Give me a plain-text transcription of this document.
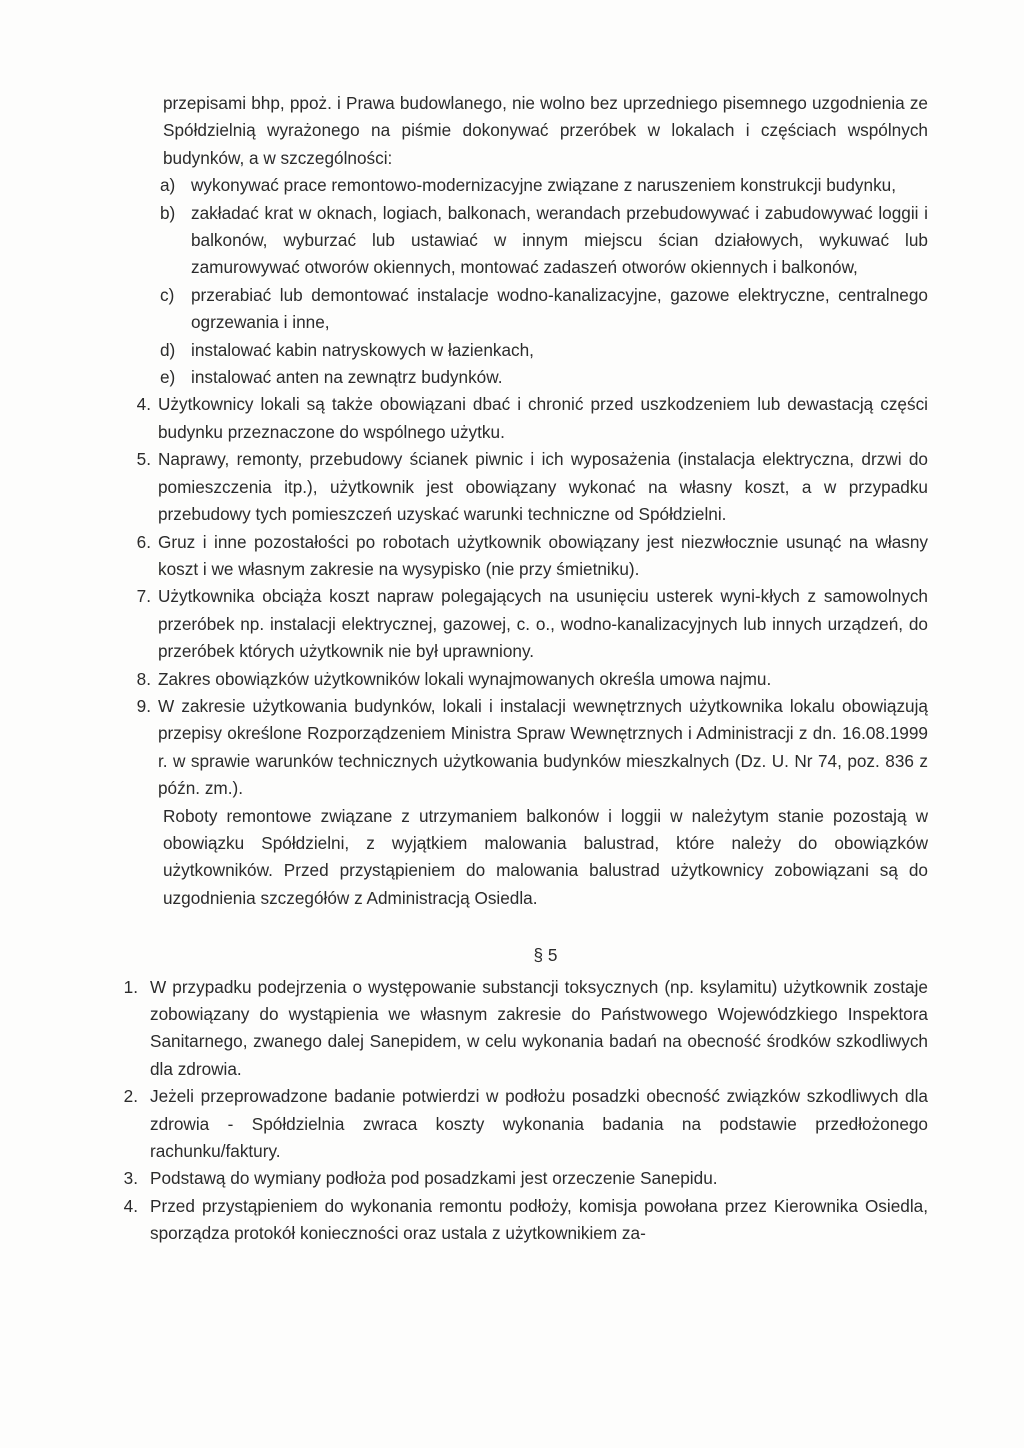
przepisami bhp, ppoż. i Prawa budowlanego, nie wolno bez uprzedniego pisemnego uzgodnienia ze Spółdzielnią wyrażonego na piśmie dokonywać przeróbek w lokalach i częściach wspólnych budynków, a w szczególności:

a) wykonywać prace remontowo-modernizacyjne związane z naruszeniem konstrukcji budynku,
b) zakładać krat w oknach, logiach, balkonach, werandach przebudowywać i zabudowywać loggii i balkonów, wyburzać lub ustawiać w innym miejscu ścian działowych, wykuwać lub zamurowywać otworów okiennych, montować zadaszeń otworów okiennych i balkonów,
c) przerabiać lub demontować instalacje wodno-kanalizacyjne, gazowe elektryczne, centralnego ogrzewania i inne,
d) instalować kabin natryskowych w łazienkach,
e) instalować anten na zewnątrz budynków.
4. Użytkownicy lokali są także obowiązani dbać i chronić przed uszkodzeniem lub dewastacją części budynku przeznaczone do wspólnego użytku.
5. Naprawy, remonty, przebudowy ścianek piwnic i ich wyposażenia (instalacja elektryczna, drzwi do pomieszczenia itp.), użytkownik jest obowiązany wykonać na własny koszt, a w przypadku przebudowy tych pomieszczeń uzyskać warunki techniczne od Spółdzielni.
6. Gruz i inne pozostałości po robotach użytkownik obowiązany jest niezwłocznie usunąć na własny koszt i we własnym zakresie na wysypisko (nie przy śmietniku).
7. Użytkownika obciąża koszt napraw polegających na usunięciu usterek wyni-kłych z samowolnych przeróbek np. instalacji elektrycznej, gazowej, c. o., wodno-kanalizacyjnych lub innych urządzeń, do przeróbek których użytkownik nie był uprawniony.
8. Zakres obowiązków użytkowników lokali wynajmowanych określa umowa najmu.
9. W zakresie użytkowania budynków, lokali i instalacji wewnętrznych użytkownika lokalu obowiązują przepisy określone Rozporządzeniem Ministra Spraw Wewnętrznych i Administracji z dn. 16.08.1999 r. w sprawie warunków technicznych użytkowania budynków mieszkalnych (Dz. U. Nr 74, poz. 836 z późn. zm.).

Roboty remontowe związane z utrzymaniem balkonów i loggii w należytym stanie pozostają w obowiązku Spółdzielni, z wyjątkiem malowania balustrad, które należy do obowiązków użytkowników. Przed przystąpieniem do malowania balustrad użytkownicy zobowiązani są do uzgodnienia szczegółów z Administracją Osiedla.

§ 5
1. W przypadku podejrzenia o występowanie substancji toksycznych (np. ksylamitu) użytkownik zostaje zobowiązany do wystąpienia we własnym zakresie do Państwowego Wojewódzkiego Inspektora Sanitarnego, zwanego dalej Sanepidem, w celu wykonania badań na obecność środków szkodliwych dla zdrowia.
2. Jeżeli przeprowadzone badanie potwierdzi w podłożu posadzki obecność związków szkodliwych dla zdrowia - Spółdzielnia zwraca koszty wykonania badania na podstawie przedłożonego rachunku/faktury.
3. Podstawą do wymiany podłoża pod posadzkami jest orzeczenie Sanepidu.
4. Przed przystąpieniem do wykonania remontu podłoży, komisja powołana przez Kierownika Osiedla, sporządza protokół konieczności oraz ustala z użytkownikiem za-
